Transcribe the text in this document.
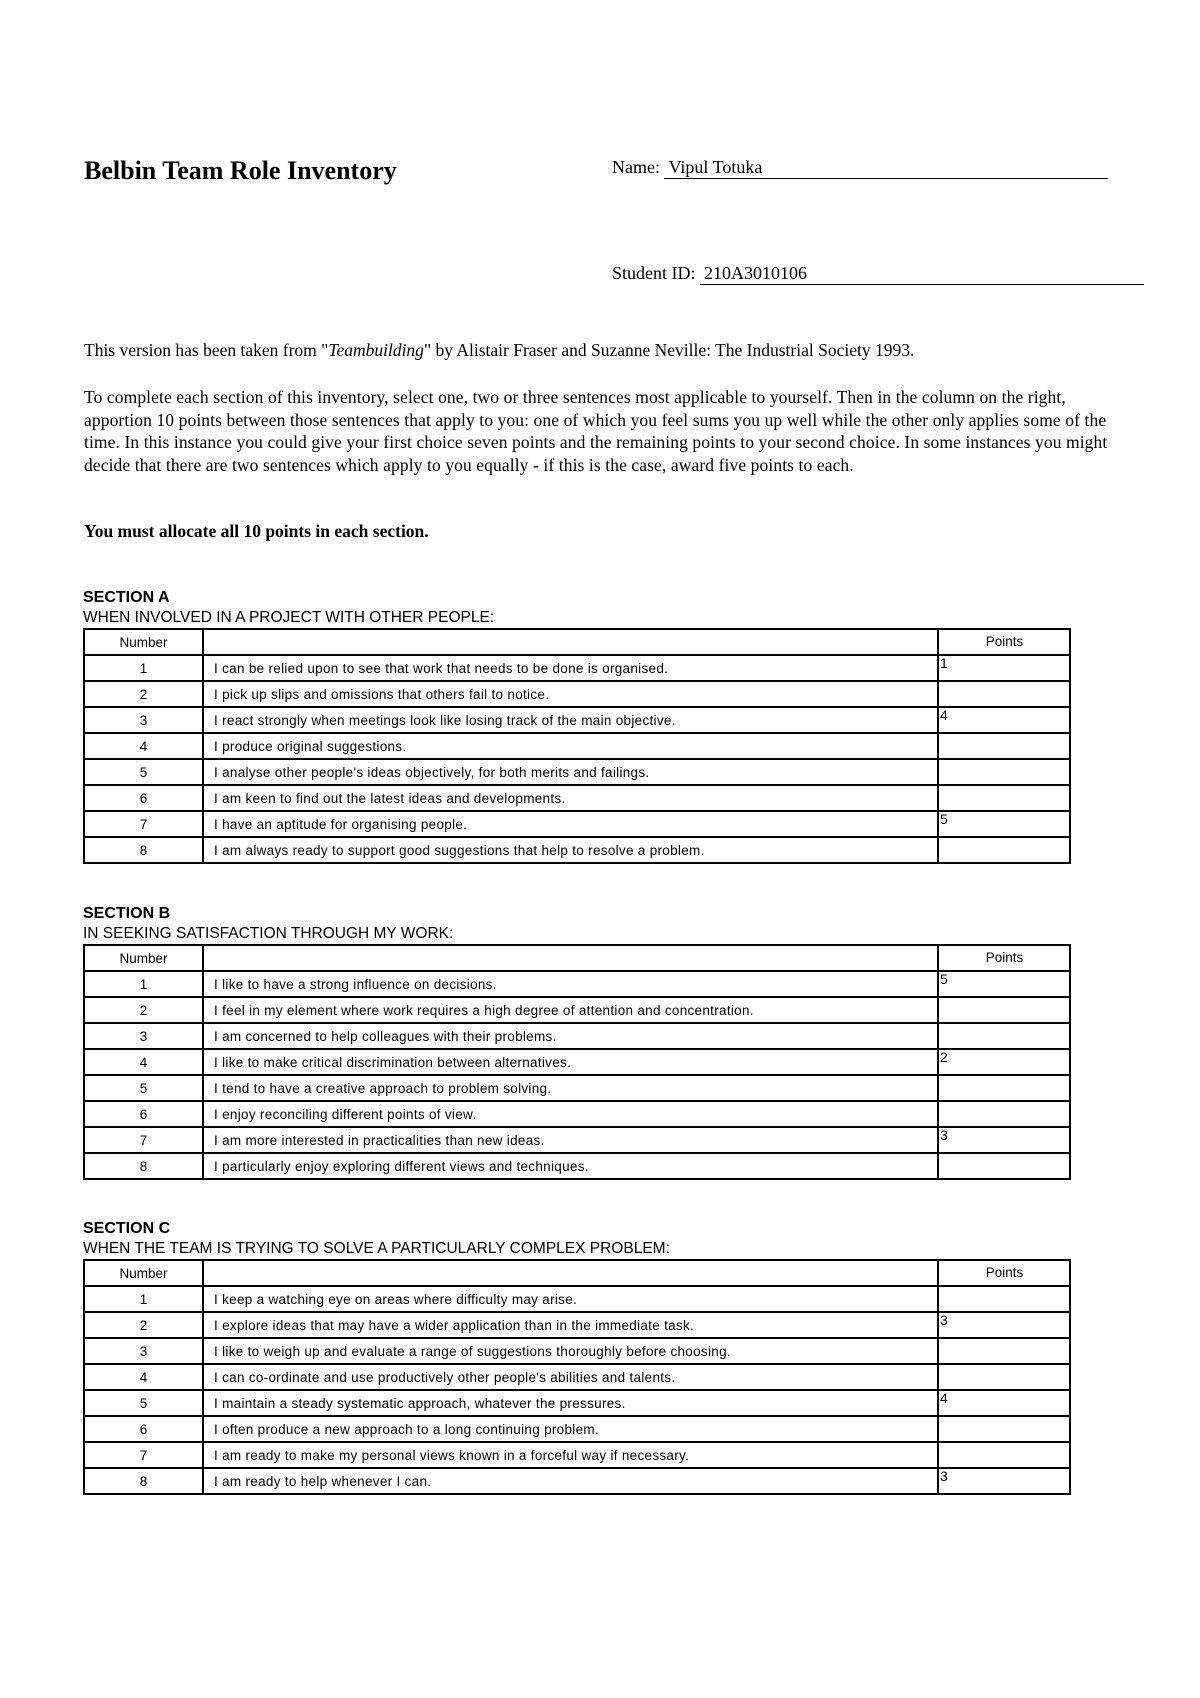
Belbin Team Role Inventory	Name: Vipul Totuka
Student ID: 210A3010106
This version has been taken from "Teambuilding" by Alistair Fraser and Suzanne Neville: The Industrial Society 1993.
To complete each section of this inventory, select one, two or three sentences most applicable to yourself. Then in the column on the right, apportion 10 points between those sentences that apply to you: one of which you feel sums you up well while the other only applies some of the time. In this instance you could give your first choice seven points and the remaining points to your second choice. In some instances you might decide that there are two sentences which apply to you equally - if this is the case, award five points to each.
You must allocate all 10 points in each section.
SECTION A
WHEN INVOLVED IN A PROJECT WITH OTHER PEOPLE:
Number		Points
1	I can be relied upon to see that work that needs to be done is organised.	1
2	I pick up slips and omissions that others fail to notice.	
3	I react strongly when meetings look like losing track of the main objective.	4
4	I produce original suggestions.	
5	I analyse other people's ideas objectively, for both merits and failings.	
6	I am keen to find out the latest ideas and developments.	
7	I have an aptitude for organising people.	5
8	I am always ready to support good suggestions that help to resolve a problem.	
SECTION B
IN SEEKING SATISFACTION THROUGH MY WORK:
Number		Points
1	I like to have a strong influence on decisions.	5
2	I feel in my element where work requires a high degree of attention and concentration.	
3	I am concerned to help colleagues with their problems.	
4	I like to make critical discrimination between alternatives.	2
5	I tend to have a creative approach to problem solving.	
6	I enjoy reconciling different points of view.	
7	I am more interested in practicalities than new ideas.	3
8	I particularly enjoy exploring different views and techniques.	
SECTION C
WHEN THE TEAM IS TRYING TO SOLVE A PARTICULARLY COMPLEX PROBLEM:
Number		Points
1	I keep a watching eye on areas where difficulty may arise.	
2	I explore ideas that may have a wider application than in the immediate task.	3
3	I like to weigh up and evaluate a range of suggestions thoroughly before choosing.	
4	I can co-ordinate and use productively other people's abilities and talents.	
5	I maintain a steady systematic approach, whatever the pressures.	4
6	I often produce a new approach to a long continuing problem.	
7	I am ready to make my personal views known in a forceful way if necessary.	
8	I am ready to help whenever I can.	3
